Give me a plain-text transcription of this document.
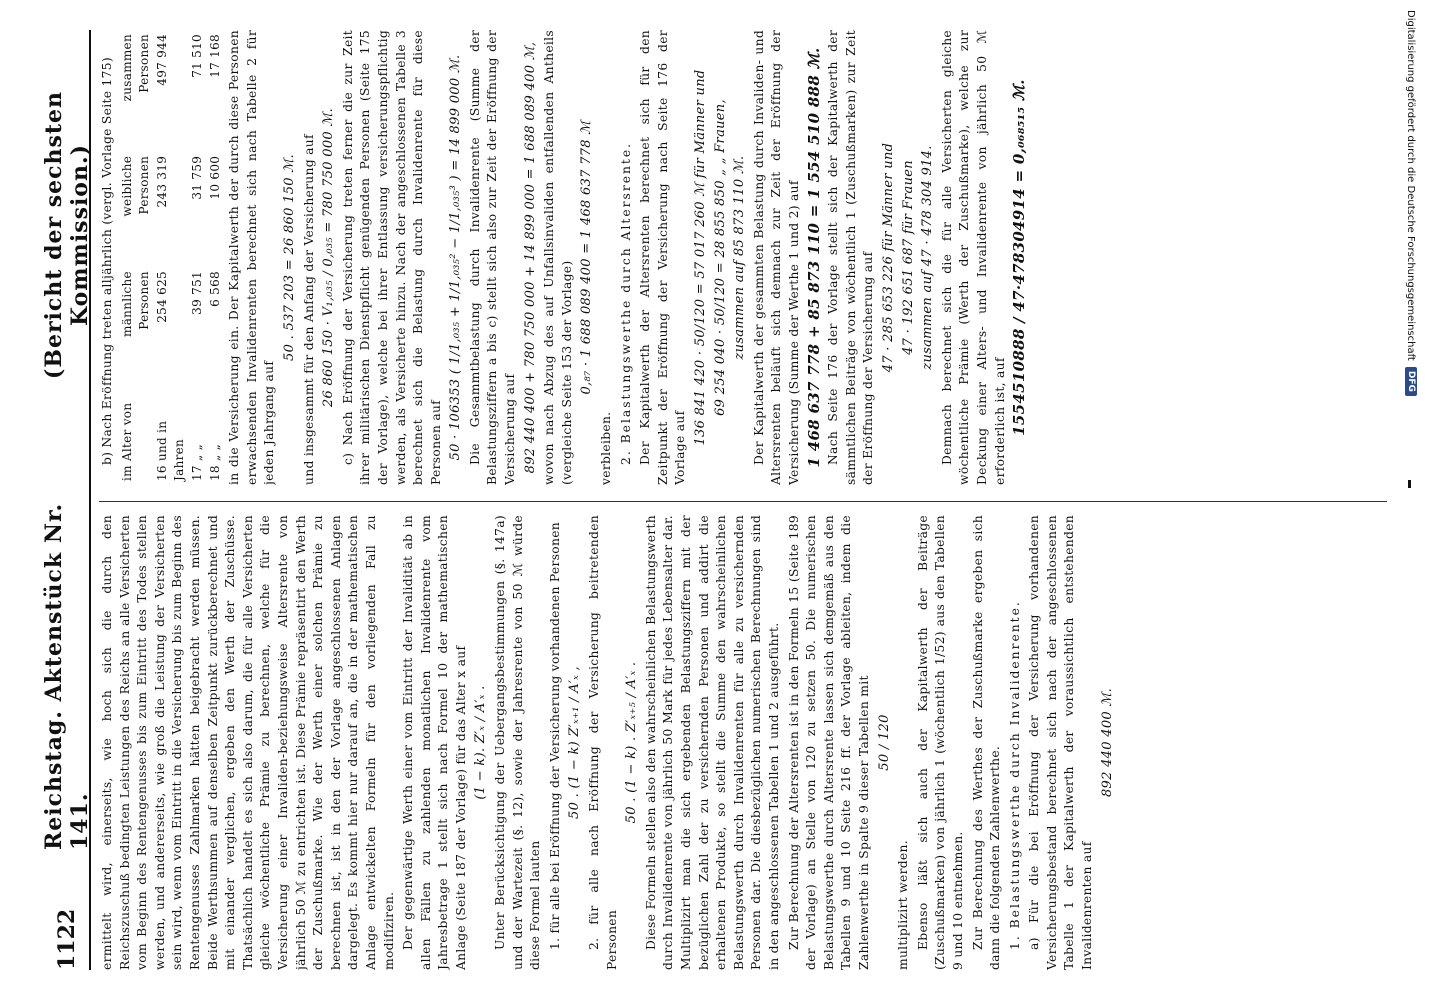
1122
Reichstag. Aktenstück Nr. 141.
(Bericht der sechsten Kommission.)

ermittelt wird, einerseits, wie hoch sich die durch den Reichszuschuß bedingten Leistungen des Reichs an alle Versicherten vom Beginn des Rentengenusses bis zum Eintritt des Todes stellen werden, und andererseits, wie groß die Leistung der Versicherten sein wird, wenn vom Eintritt in die Versicherung bis zum Beginn des Rentengenusses Zahlmarken hätten beigebracht werden müssen. Beide Werthsummen auf denselben Zeitpunkt zurückberechnet und mit einander verglichen, ergeben den Werth der Zuschüsse. Thatsächlich handelt es sich also darum, die für alle Versicherten gleiche wöchentliche Prämie zu berechnen, welche für die Versicherung einer Invaliden-beziehungsweise Altersrente von jährlich 50 ℳ zu entrichten ist. Diese Prämie repräsentirt den Werth der Zuschußmarke. Wie der Werth einer solchen Prämie zu berechnen ist, ist in den der Vorlage angeschlossenen Anlagen dargelegt. Es kommt hier nur darauf an, die in der mathematischen Anlage entwickelten Formeln für den vorliegenden Fall zu modifiziren. Der gegenwärtige Werth einer vom Eintritt der Invalidität ab in allen Fällen zu zahlenden monatlichen Invalidenrente vom Jahresbetrage 1 stellt sich nach Formel 10 der mathematischen Anlage (Seite 187 der Vorlage) für das Alter x auf (1 − k). Z′ₓ / A′ₓ . Unter Berücksichtigung der Uebergangsbestimmungen (§. 147a) und der Wartezeit (§. 12), sowie der Jahresrente von 50 ℳ würde diese Formel lauten 1. für alle bei Eröffnung der Versicherung vorhandenen Personen 50 . (1 − k) Z′ₓ₊₁ / A′ₓ , 2. für alle nach Eröffnung der Versicherung beitretenden Personen

50 . (1 − k) . Z′ₓ₊₅ / A′ₓ . Diese Formeln stellen also den wahrscheinlichen Belastungswerth durch Invalidenrente von jährlich 50 Mark für jedes Lebensalter dar. Multiplizirt man die sich ergebenden Belastungsziffern mit der bezüglichen Zahl der zu versichernden Personen und addirt die erhaltenen Produkte, so stellt die Summe den wahrscheinlichen Belastungswerth durch Invalidenrenten für alle zu versichernden Personen dar. Die diesbezüglichen numerischen Berechnungen sind in den angeschlossenen Tabellen 1 und 2 ausgeführt. Zur Berechnung der Altersrenten ist in den Formeln 15 (Seite 189 der Vorlage) an Stelle von 120 zu setzen 50. Die numerischen Belastungswerthe durch Altersrente lassen sich demgemäß aus den Tabellen 9 und 10 Seite 216 ff. der Vorlage ableiten, indem die Zahlenwerthe in Spalte 9 dieser Tabellen mit 50 / 120

multiplizirt werden. Ebenso läßt sich auch der Kapitalwerth der Beiträge (Zuschußmarken) von jährlich 1 (wöchentlich 1/52) aus den Tabellen 9 und 10 entnehmen. Zur Berechnung des Werthes der Zuschußmarke ergeben sich dann die folgenden Zahlenwerthe. 1. Belastungswerthe durch Invalidenrente. a) Für die bei Eröffnung der Versicherung vorhandenen Versicherungsbestand berechnet sich nach der angeschlossenen Tabelle 1 der Kapitalwerth der voraussichtlich entstehenden Invalidenrenten auf

892 440 400 ℳ.

b) Nach Eröffnung treten alljährlich (vergl. Vorlage Seite 175) im Alter von	männliche Personen	weibliche Personen	zusammen Personen
16 und in Jahren	254 625	243 319	497 944
17 „ „	39 751	31 759	71 510
18 „ „	6 568	10 600	17 168 in die Versicherung ein. Der Kapitalwerth der durch diese Personen erwachsenden Invalidenrenten berechnet sich nach Tabelle 2 für jeden Jahrgang auf

50 . 537 203 = 26 860 150 ℳ. und insgesammt für den Anfang der Versicherung auf 26 860 150 · V₁,₀₃₅ / 0,₀₃₅ = 780 750 000 ℳ. c) Nach Eröffnung der Versicherung treten ferner die zur Zeit ihrer militärischen Dienstpflicht genügenden Personen (Seite 175 der Vorlage), welche bei ihrer Entlassung versicherungspflichtig werden, als Versicherte hinzu. Nach der angeschlossenen Tabelle 3 berechnet sich die Belastung durch Invalidenrente für diese Personen auf 50 · 106353 ( 1/1,₀₃₅ + 1/1,₀₃₅² − 1/1,₀₃₅³ ) = 14 899 000 ℳ. Die Gesammtbelastung durch Invalidenrente (Summe der Belastungsziffern a bis c) stellt sich also zur Zeit der Eröffnung der Versicherung auf 892 440 400 + 780 750 000 + 14 899 000 = 1 688 089 400 ℳ, wovon nach Abzug des auf Unfallsinvaliden entfallenden Antheils (vergleiche Seite 153 der Vorlage) 0,₈₇ · 1 688 089 400 = 1 468 637 778 ℳ

verbleiben. 2. Belastungswerthe durch Altersrente. Der Kapitalwerth der Altersrenten berechnet sich für den Zeitpunkt der Eröffnung der Versicherung nach Seite 176 der Vorlage auf

136 841 420 · 50/120 = 57 017 260 ℳ für Männer und 69 254 040 · 50/120 = 28 855 850 „ „ Frauen, zusammen auf 85 873 110 ℳ. Der Kapitalwerth der gesammten Belastung durch Invaliden- und Altersrenten beläuft sich demnach zur Zeit der Eröffnung der Versicherung (Summe der Werthe 1 und 2) auf 1 468 637 778 + 85 873 110 = 1 554 510 888 ℳ. Nach Seite 176 der Vorlage stellt sich der Kapitalwerth der sämmtlichen Beiträge von wöchentlich 1 (Zuschußmarken) zur Zeit der Eröffnung der Versicherung auf 47 · 285 653 226 für Männer und 47 · 192 651 687 für Frauen zusammen auf 47 · 478 304 914. Demnach berechnet sich die für alle Versicherten gleiche wöchentliche Prämie (Werth der Zuschußmarke), welche zur Deckung einer Alters- und Invalidenrente von jährlich 50 ℳ erforderlich ist, auf 1554510888 / 47·478304914 = 0,₀₆₈₅₁₅ ℳ.	Digitalisierung gefördert durch die Deutsche Forschungsgemeinschaft
DFG
